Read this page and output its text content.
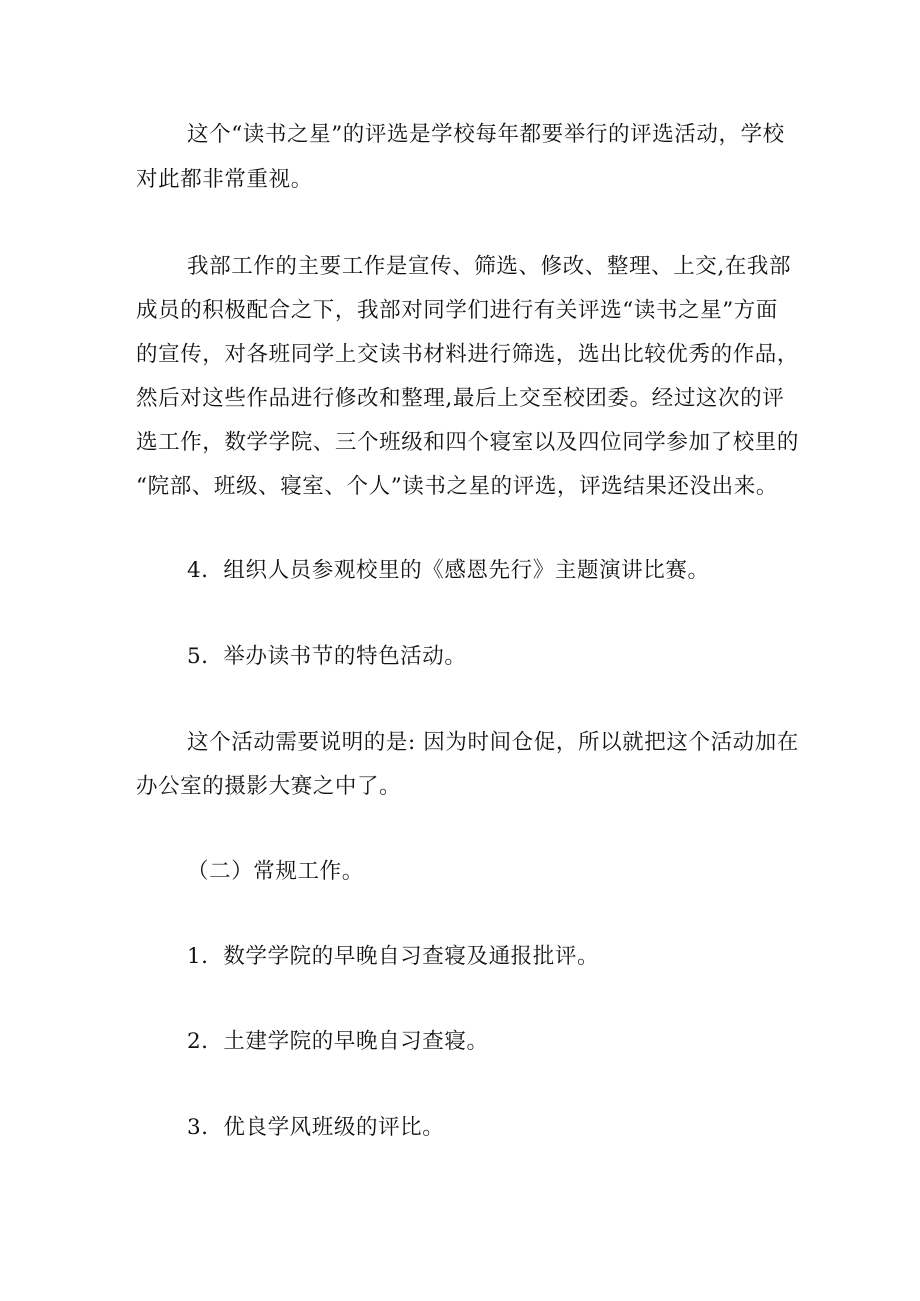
这个“读书之星”的评选是学校每年都要举行的评选活动，学校
对此都非常重视。
我部工作的主要工作是宣传、筛选、修改、整理、上交,在我部
成员的积极配合之下，我部对同学们进行有关评选“读书之星”方面
的宣传，对各班同学上交读书材料进行筛选，选出比较优秀的作品，
然后对这些作品进行修改和整理,最后上交至校团委。经过这次的评
选工作，数学学院、三个班级和四个寝室以及四位同学参加了校里的
“院部、班级、寝室、个人”读书之星的评选，评选结果还没出来。
4．组织人员参观校里的《感恩先行》主题演讲比赛。
5．举办读书节的特色活动。
这个活动需要说明的是: 因为时间仓促，所以就把这个活动加在
办公室的摄影大赛之中了。
（二）常规工作。
1．数学学院的早晚自习查寝及通报批评。
2．土建学院的早晚自习查寝。
3．优良学风班级的评比。
